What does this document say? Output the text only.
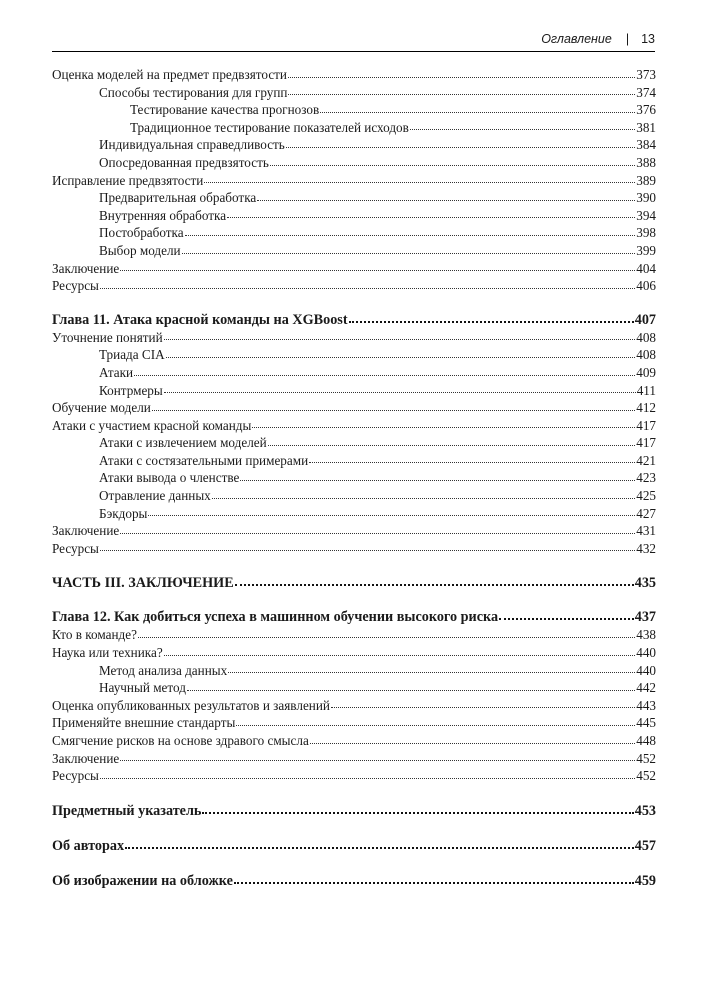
Оглавление | 13
Оценка моделей на предмет предвзятости	373
Способы тестирования для групп	374
Тестирование качества прогнозов	376
Традиционное тестирование показателей исходов	381
Индивидуальная справедливость	384
Опосредованная предвзятость	388
Исправление предвзятости	389
Предварительная обработка	390
Внутренняя обработка	394
Постобработка	398
Выбор модели	399
Заключение	404
Ресурсы	406
Глава 11. Атака красной команды на XGBoost	407
Уточнение понятий	408
Триада CIA	408
Атаки	409
Контрмеры	411
Обучение модели	412
Атаки с участием красной команды	417
Атаки с извлечением моделей	417
Атаки с состязательными примерами	421
Атаки вывода о членстве	423
Отравление данных	425
Бэкдоры	427
Заключение	431
Ресурсы	432
ЧАСТЬ III. ЗАКЛЮЧЕНИЕ	435
Глава 12. Как добиться успеха в машинном обучении высокого риска	437
Кто в команде?	438
Наука или техника?	440
Метод анализа данных	440
Научный метод	442
Оценка опубликованных результатов и заявлений	443
Применяйте внешние стандарты	445
Смягчение рисков на основе здравого смысла	448
Заключение	452
Ресурсы	452
Предметный указатель	453
Об авторах	457
Об изображении на обложке	459
